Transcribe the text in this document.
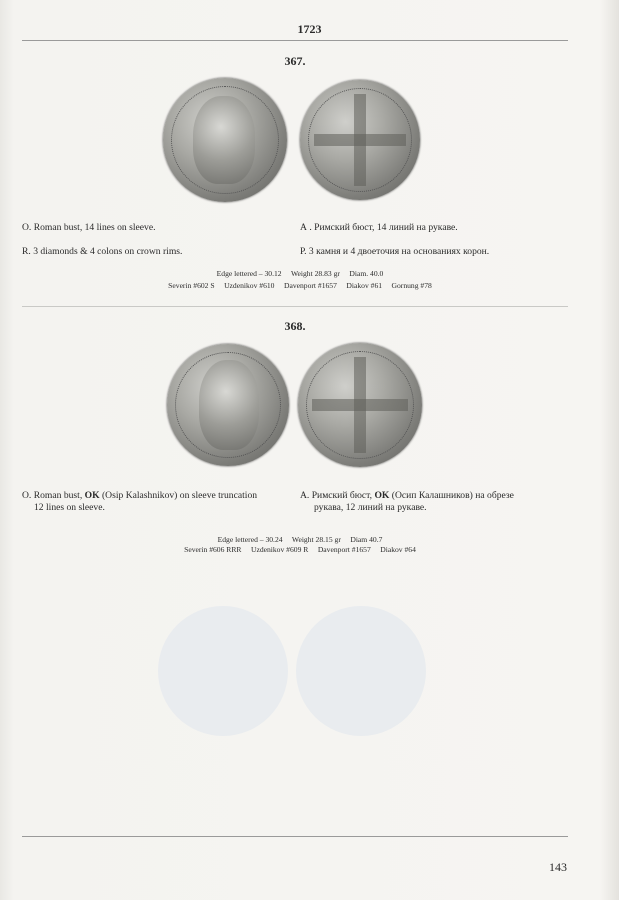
1723
367.
O. Roman bust, 14 lines on sleeve.
R. 3 diamonds & 4 colons on crown rims.
А . Римский бюст, 14 линий на рукаве.
Р. 3 камня и 4 двоеточия на основаниях корон.
Edge lettered – 30.12     Weight 28.83 gr     Diam. 40.0
Severin #602 S     Uzdenikov #610     Davenport #1657     Diakov #61     Gornung #78
368.
O. Roman bust, OK (Osip Kalashnikov) on sleeve truncation
12 lines on sleeve.
А. Римский бюст, OK (Осип Калашников) на обрезе
рукава, 12 линий на рукаве.
Edge lettered – 30.24     Weight 28.15 gr     Diam 40.7
Severin #606 RRR     Uzdenikov #609 R     Davenport #1657     Diakov #64
143
